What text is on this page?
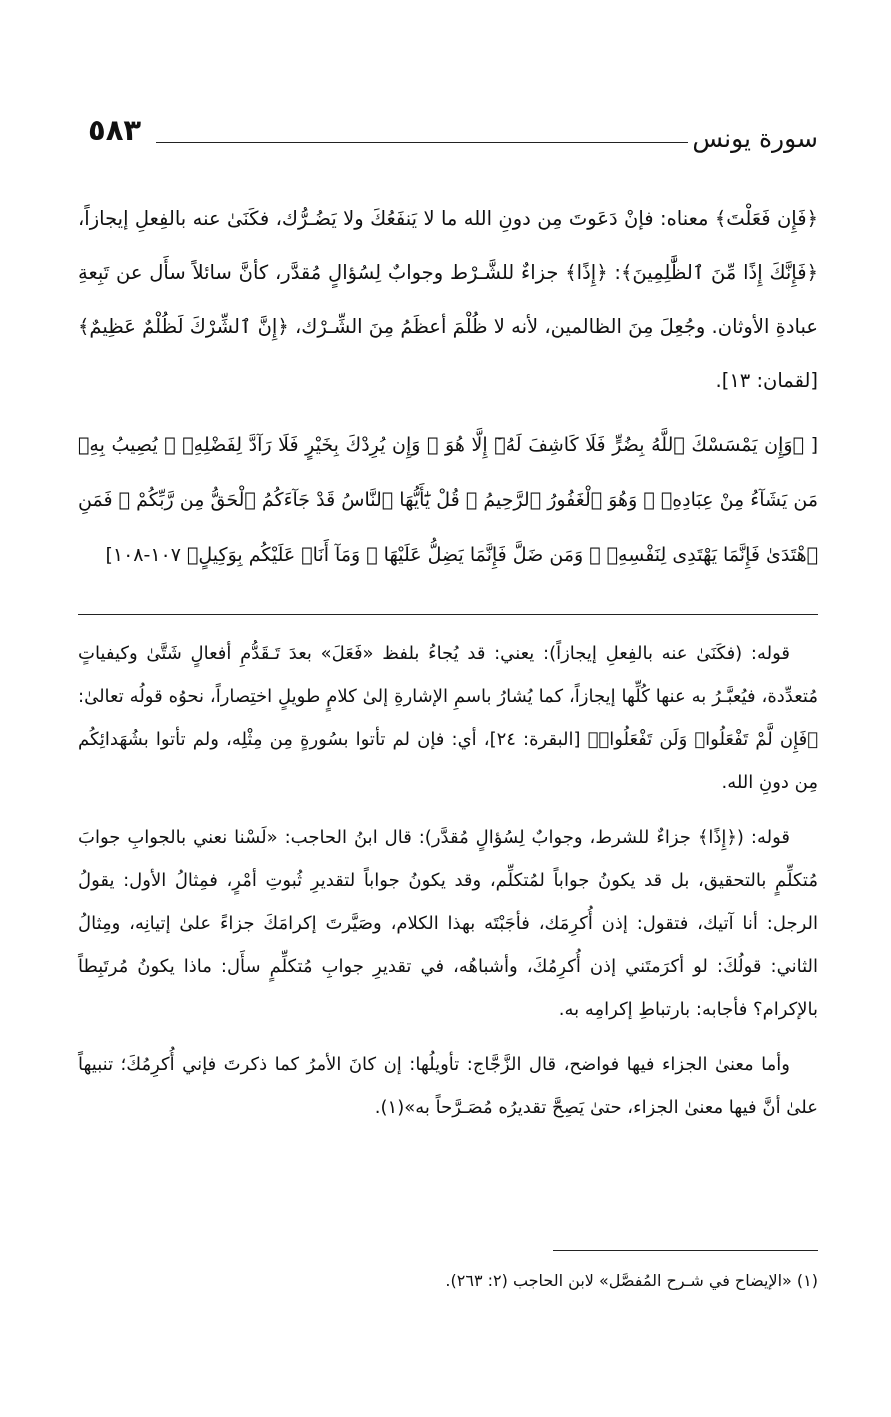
سورة يونس
٥٨٣

﴿فَإِن فَعَلْتَ﴾ معناه: فإنْ دَعَوتَ مِن دونِ الله ما لا يَنفَعُكَ ولا يَضُـرُّك، فكَنَىٰ عنه بالفِعلِ إيجازاً، ﴿فَإِنَّكَ إِذًا مِّنَ ٱلظَّٰلِمِينَ﴾: ﴿إِذًا﴾ جزاءٌ للشَّـرْط وجوابٌ لِسُؤالٍ مُقدَّر، كأنَّ سائلاً سأَل عن تَبِعةِ عبادةِ الأوثان. وجُعِلَ مِنَ الظالمين، لأنه لا ظُلْمَ أعظَمُ مِنَ الشِّـرْك، ﴿إِنَّ ٱلشِّرْكَ لَظُلْمٌ عَظِيمٌ﴾ [لقمان: ١٣].

[ ﴿وَإِن يَمْسَسْكَ ٱللَّهُ بِضُرٍّ فَلَا كَاشِفَ لَهُۥٓ إِلَّا هُوَ ۖ وَإِن يُرِدْكَ بِخَيْرٍ فَلَا رَآدَّ لِفَضْلِهِۦ ۚ يُصِيبُ بِهِۦ مَن يَشَآءُ مِنْ عِبَادِهِۦ ۚ وَهُوَ ٱلْغَفُورُ ٱلرَّحِيمُ ۞ قُلْ يَٰٓأَيُّهَا ٱلنَّاسُ قَدْ جَآءَكُمُ ٱلْحَقُّ مِن رَّبِّكُمْ ۖ فَمَنِ ٱهْتَدَىٰ فَإِنَّمَا يَهْتَدِى لِنَفْسِهِۦ ۖ وَمَن ضَلَّ فَإِنَّمَا يَضِلُّ عَلَيْهَا ۖ وَمَآ أَنَا۠ عَلَيْكُم بِوَكِيلٍ﴾ ١٠٧-١٠٨]

قوله: (فكَنَىٰ عنه بالفِعلِ إيجازاً): يعني: قد يُجاءُ بلفظ «فَعَلَ» بعدَ تَـقَدُّمِ أفعالٍ شَتَّىٰ وكيفياتٍ مُتعدِّدة، فيُعبَّـرُ به عنها كُلِّها إيجازاً، كما يُشارُ باسمِ الإشارةِ إلىٰ كلامٍ طويلٍ اختِصاراً، نحوُه قولُه تعالىٰ: ﴿فَإِن لَّمْ تَفْعَلُوا۟ وَلَن تَفْعَلُوا۟﴾ [البقرة: ٢٤]، أي: فإن لم تأتوا بسُورةٍ مِن مِثْلِه، ولم تأتوا بشُهَدائِكُم مِن دونِ الله.

قوله: (﴿إِذًا﴾ جزاءٌ للشرط، وجوابٌ لِسُؤالٍ مُقدَّر): قال ابنُ الحاجب: «لَسْنا نعني بالجوابِ جوابَ مُتكلِّمٍ بالتحقيق، بل قد يكونُ جواباً لمُتكلِّم، وقد يكونُ جواباً لتقديرِ ثُبوتِ أمْرٍ، فمِثالُ الأول: يقولُ الرجل: أنا آتيك، فتقول: إذن أُكرِمَك، فأجَبْتَه بهذا الكلام، وصَيَّرتَ إكرامَكَ جزاءً علىٰ إتيانِه، ومِثالُ الثاني: قولُكَ: لو أكرَمتَني إذن أُكرِمُكَ، وأشباهُه، في تقديرِ جوابِ مُتكلِّمٍ سأَل: ماذا يكونُ مُرتَبِطاً بالإكرام؟ فأجابه: بارتباطِ إكرامِه به.

وأما معنىٰ الجزاء فيها فواضح، قال الزَّجَّاج: تأويلُها: إن كانَ الأمرُ كما ذكرتَ فإني أُكرِمُكَ؛ تنبيهاً علىٰ أنَّ فيها معنىٰ الجزاء، حتىٰ يَصِحَّ تقديرُه مُصَـرَّحاً به»(١).

(١) «الإيضاح في شـرح المُفصَّل» لابن الحاجب (٢: ٢٦٣).
